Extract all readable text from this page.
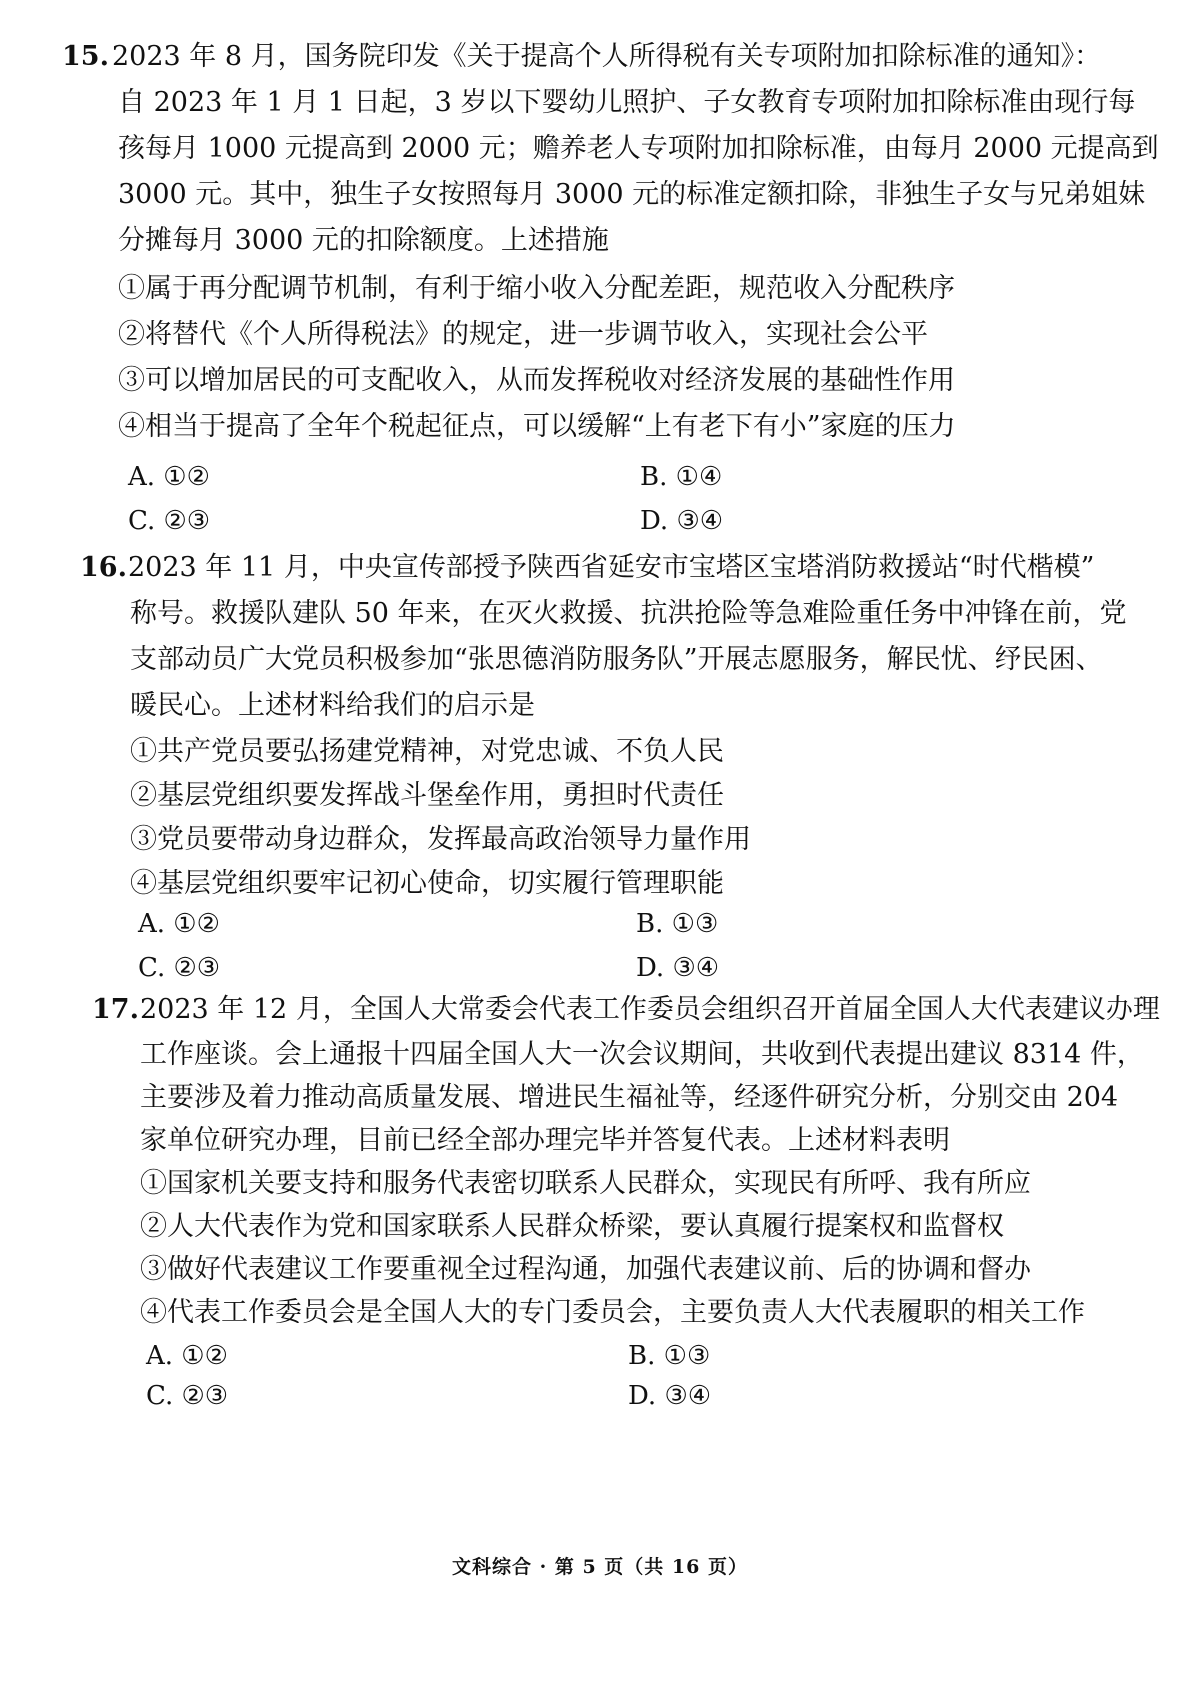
15. 2023 年 8 月，国务院印发《关于提高个人所得税有关专项附加扣除标准的通知》：
自 2023 年 1 月 1 日起，3 岁以下婴幼儿照护、子女教育专项附加扣除标准由现行每
孩每月 1000 元提高到 2000 元；赡养老人专项附加扣除标准，由每月 2000 元提高到
3000 元。其中，独生子女按照每月 3000 元的标准定额扣除，非独生子女与兄弟姐妹
分摊每月 3000 元的扣除额度。上述措施
①属于再分配调节机制，有利于缩小收入分配差距，规范收入分配秩序
②将替代《个人所得税法》的规定，进一步调节收入，实现社会公平
③可以增加居民的可支配收入，从而发挥税收对经济发展的基础性作用
④相当于提高了全年个税起征点，可以缓解“上有老下有小”家庭的压力
A. ①②	B. ①④
C. ②③	D. ③④
16. 2023 年 11 月，中央宣传部授予陕西省延安市宝塔区宝塔消防救援站“时代楷模”
称号。救援队建队 50 年来，在灭火救援、抗洪抢险等急难险重任务中冲锋在前，党
支部动员广大党员积极参加“张思德消防服务队”开展志愿服务，解民忧、纾民困、
暖民心。上述材料给我们的启示是
①共产党员要弘扬建党精神，对党忠诚、不负人民
②基层党组织要发挥战斗堡垒作用，勇担时代责任
③党员要带动身边群众，发挥最高政治领导力量作用
④基层党组织要牢记初心使命，切实履行管理职能
A. ①②	B. ①③
C. ②③	D. ③④
17. 2023 年 12 月，全国人大常委会代表工作委员会组织召开首届全国人大代表建议办理
工作座谈。会上通报十四届全国人大一次会议期间，共收到代表提出建议 8314 件，
主要涉及着力推动高质量发展、增进民生福祉等，经逐件研究分析，分别交由 204
家单位研究办理，目前已经全部办理完毕并答复代表。上述材料表明
①国家机关要支持和服务代表密切联系人民群众，实现民有所呼、我有所应
②人大代表作为党和国家联系人民群众桥梁，要认真履行提案权和监督权
③做好代表建议工作要重视全过程沟通，加强代表建议前、后的协调和督办
④代表工作委员会是全国人大的专门委员会，主要负责人大代表履职的相关工作
A. ①②	B. ①③
C. ②③	D. ③④
文科综合 · 第 5 页（共 16 页）
